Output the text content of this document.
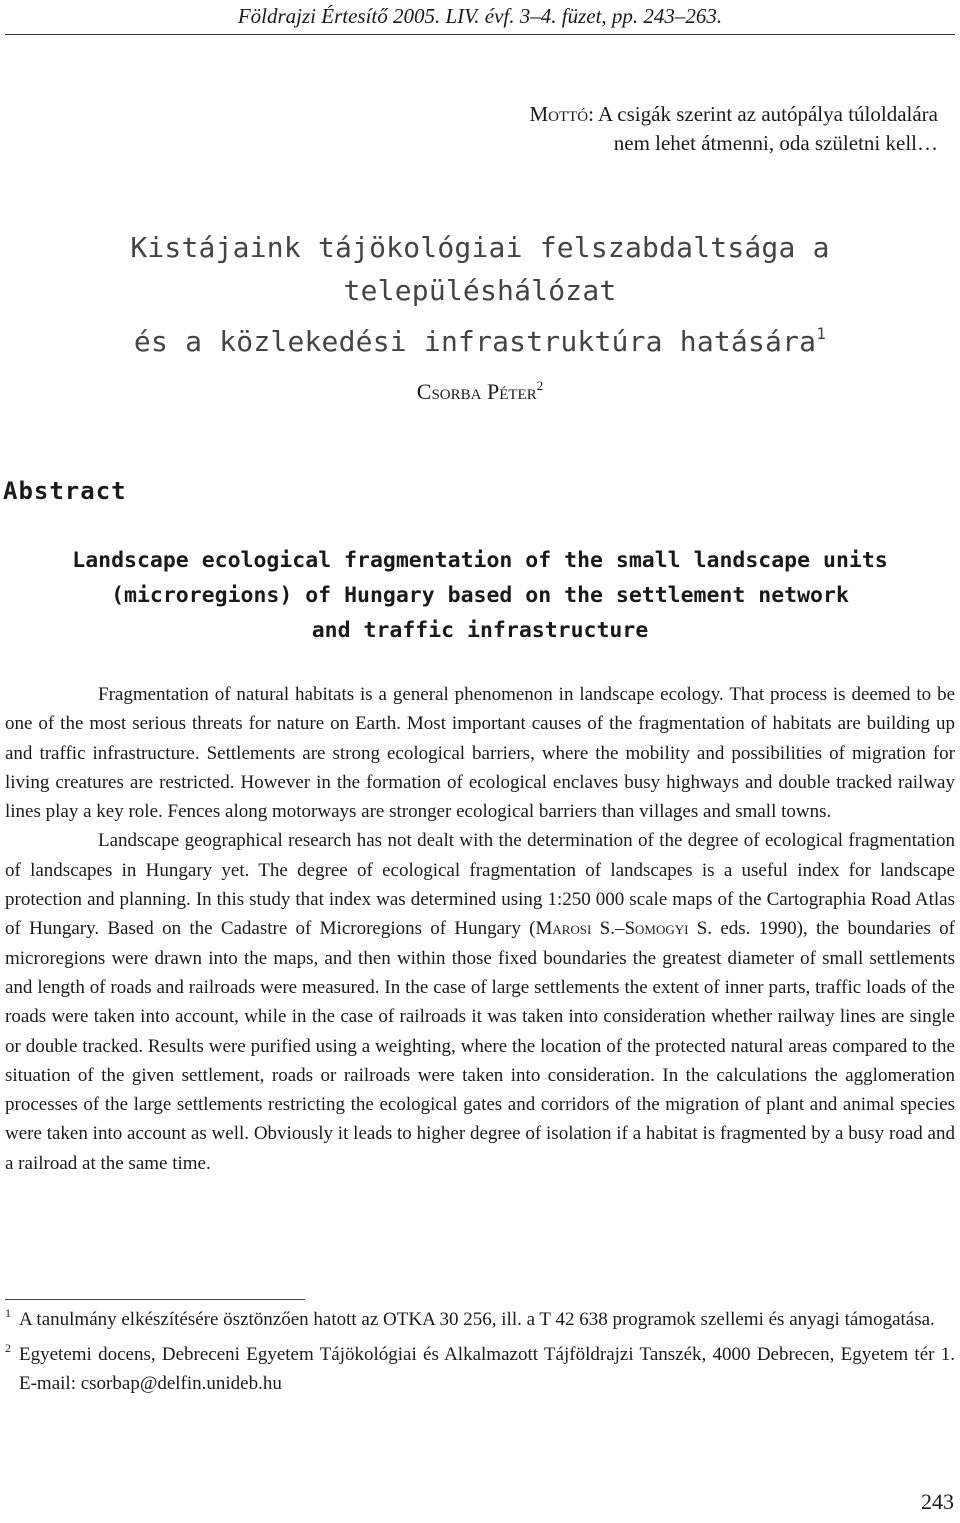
Földrajzi Értesítő 2005. LIV. évf. 3–4. füzet, pp. 243–263.
Mottó: A csigák szerint az autópálya túloldalára
nem lehet átmenni, oda születni kell…
Kistájaink tájökológiai felszabdaltsága a településhálózat
és a közlekedési infrastruktúra hatására$^1$
Csorba Péter$^2$
Abstract
Landscape ecological fragmentation of the small landscape units
(microregions) of Hungary based on the settlement network
and traffic infrastructure

Fragmentation of natural habitats is a general phenomenon in landscape ecology. That process is deemed to be one of the most serious threats for nature on Earth. Most important causes of the fragmentation of habitats are building up and traffic infrastructure. Settlements are strong ecological barriers, where the mobility and possibilities of migration for living creatures are restricted. However in the formation of ecological enclaves busy highways and double tracked railway lines play a key role. Fences along motorways are stronger ecological barriers than villages and small towns.

Landscape geographical research has not dealt with the determination of the degree of ecological fragmentation of landscapes in Hungary yet. The degree of ecological fragmentation of landscapes is a useful index for landscape protection and planning. In this study that index was determined using 1:250 000 scale maps of the Cartographia Road Atlas of Hungary. Based on the Cadastre of Microregions of Hungary (Marosi S.–Somogyi S. eds. 1990), the boundaries of microregions were drawn into the maps, and then within those fixed boundaries the greatest diameter of small settlements and length of roads and railroads were measured. In the case of large settlements the extent of inner parts, traffic loads of the roads were taken into account, while in the case of railroads it was taken into consideration whether railway lines are single or double tracked. Results were purified using a weighting, where the location of the protected natural areas compared to the situation of the given settlement, roads or railroads were taken into consideration. In the calculations the agglomeration processes of the large settlements restricting the ecological gates and corridors of the migration of plant and animal species were taken into account as well. Obviously it leads to higher degree of isolation if a habitat is fragmented by a busy road and a railroad at the same time.

1 A tanulmány elkészítésére ösztönzően hatott az OTKA 30 256, ill. a T 42 638 programok szellemi és anyagi támogatása.
2 Egyetemi docens, Debreceni Egyetem Tájökológiai és Alkalmazott Tájföldrajzi Tanszék, 4000 Debrecen, Egyetem tér 1. E-mail: csorbap@delfin.unideb.hu
243
